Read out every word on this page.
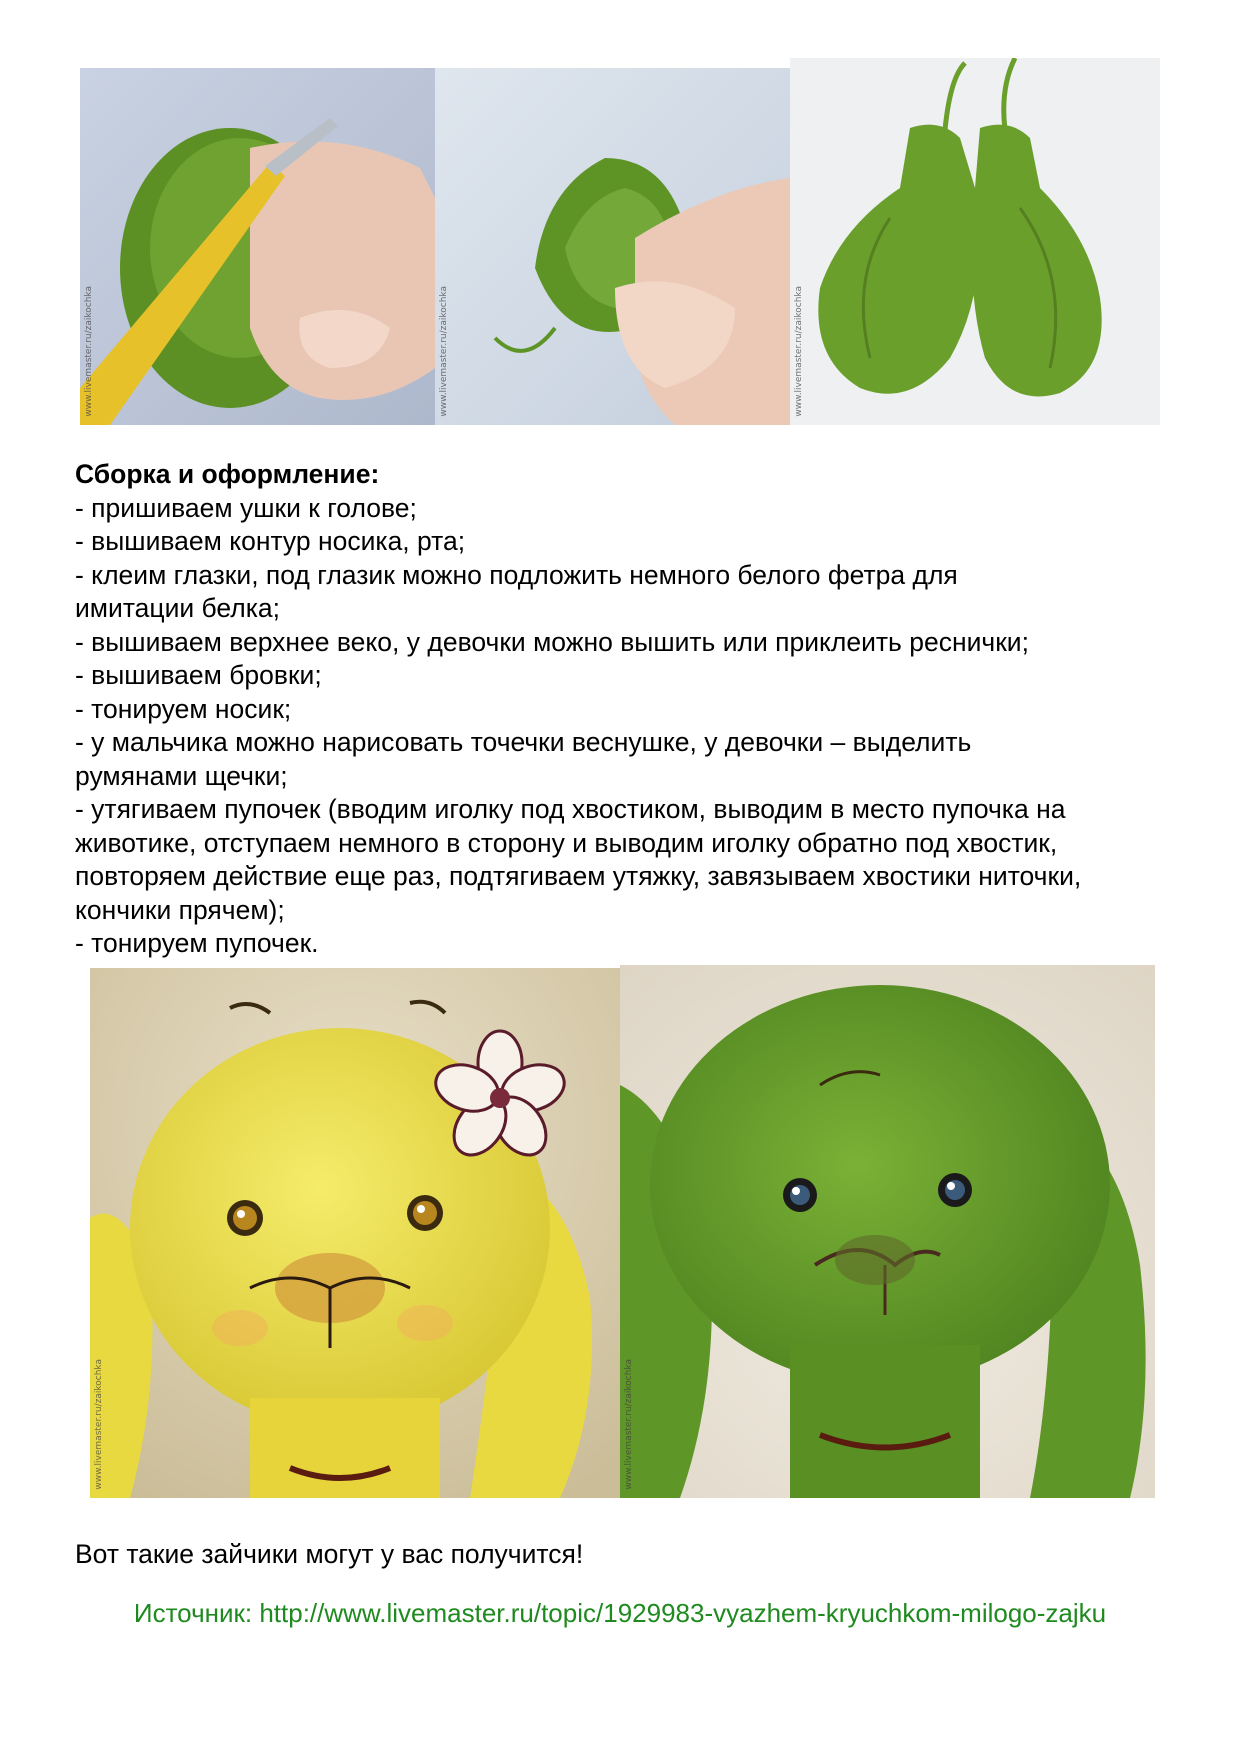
www.livemaster.ru/zaikochka	www.livemaster.ru/zaikochka	www.livemaster.ru/zaikochka
Сборка и оформление:

- пришиваем ушки к голове;

- вышиваем контур носика, рта;

- клеим глазки, под глазик можно подложить немного белого фетра для имитации белка;

- вышиваем верхнее веко, у девочки можно вышить или приклеить реснички;

- вышиваем бровки;

- тонируем носик;

- у мальчика можно нарисовать точечки веснушке, у девочки – выделить румянами щечки;

- утягиваем пупочек (вводим иголку под хвостиком, выводим в место пупочка на животике, отступаем немного в сторону и выводим иголку обратно под хвостик, повторяем действие еще раз, подтягиваем утяжку, завязываем хвостики ниточки, кончики прячем);

- тонируем пупочек.

www.livemaster.ru/zaikochka	www.livemaster.ru/zaikochka

Вот такие зайчики могут у вас получится!

Источник: http://www.livemaster.ru/topic/1929983-vyazhem-kryuchkom-milogo-zajku
